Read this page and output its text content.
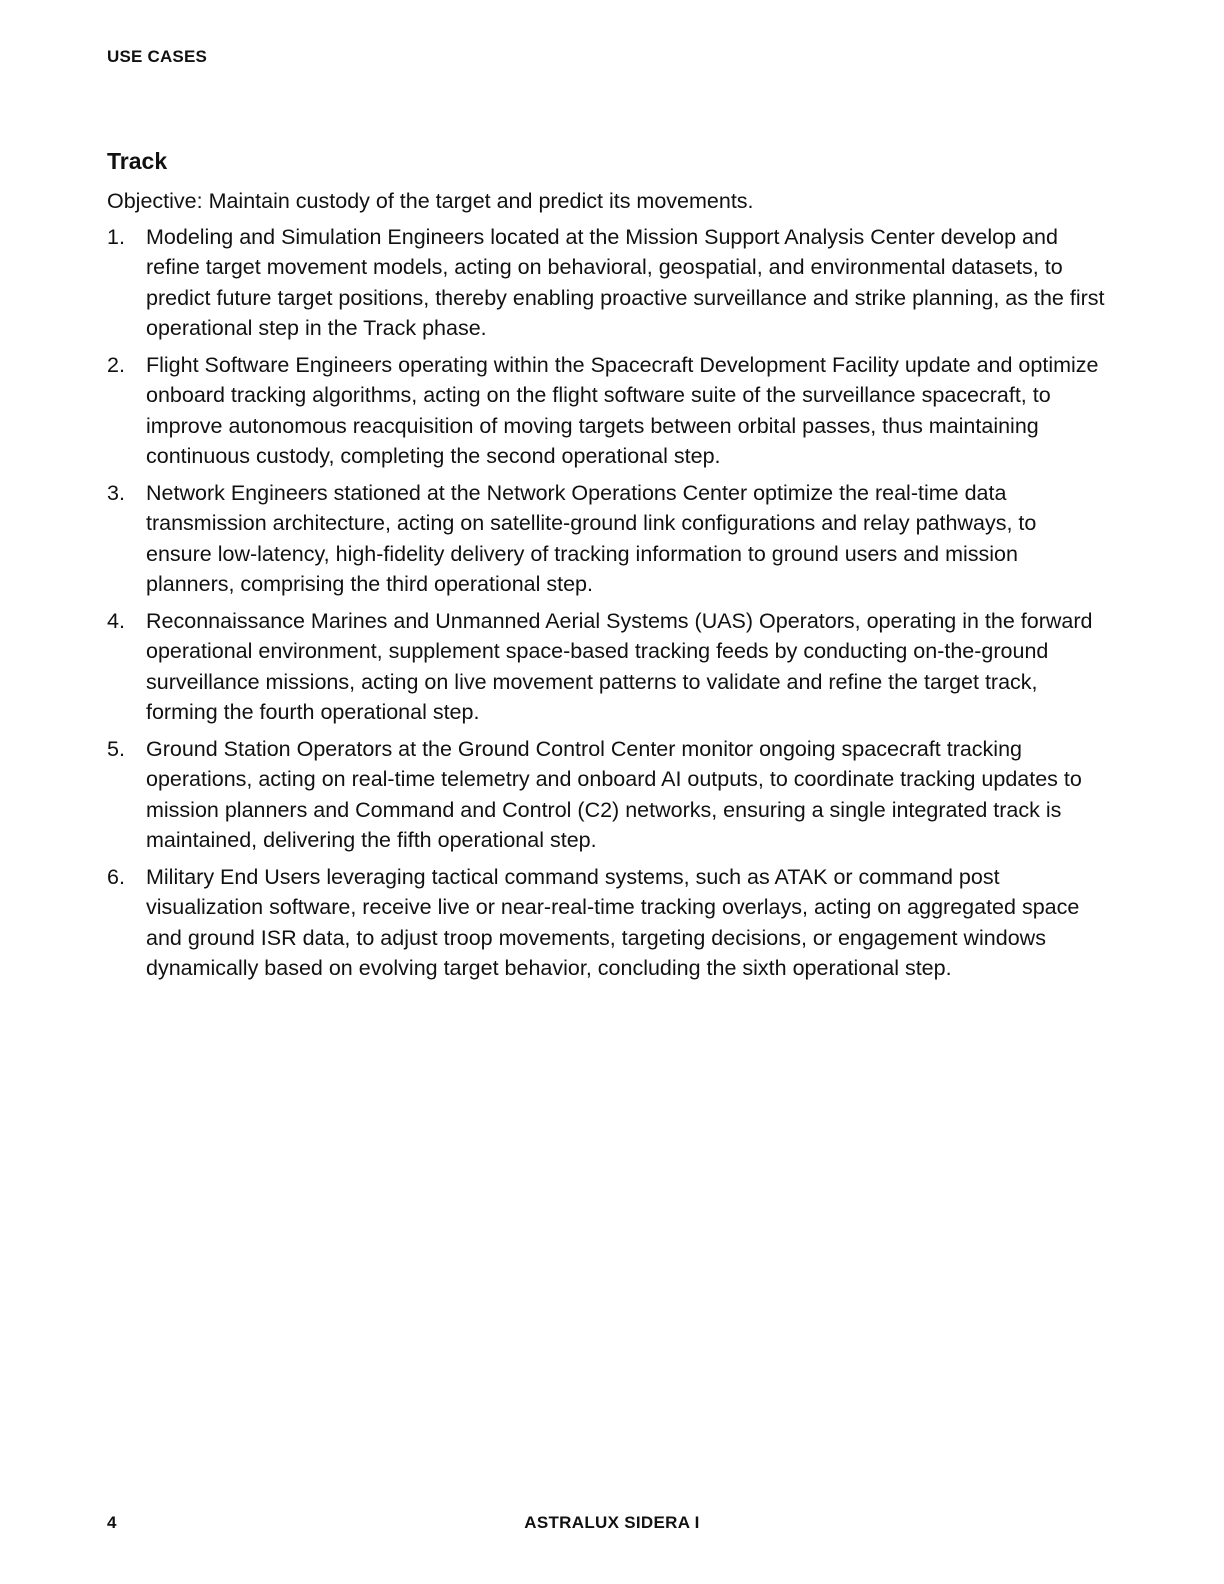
USE CASES
Track

Objective: Maintain custody of the target and predict its movements.

1. Modeling and Simulation Engineers located at the Mission Support Analysis Center develop and refine target movement models, acting on behavioral, geospatial, and environmental datasets, to predict future target positions, thereby enabling proactive surveillance and strike planning, as the first operational step in the Track phase.
2. Flight Software Engineers operating within the Spacecraft Development Facility update and optimize onboard tracking algorithms, acting on the flight software suite of the surveillance spacecraft, to improve autonomous reacquisition of moving targets between orbital passes, thus maintaining continuous custody, completing the second operational step.
3. Network Engineers stationed at the Network Operations Center optimize the real-time data transmission architecture, acting on satellite-ground link configurations and relay pathways, to ensure low-latency, high-fidelity delivery of tracking information to ground users and mission planners, comprising the third operational step.
4. Reconnaissance Marines and Unmanned Aerial Systems (UAS) Operators, operating in the forward operational environment, supplement space-based tracking feeds by conducting on-the-ground surveillance missions, acting on live movement patterns to validate and refine the target track, forming the fourth operational step.
5. Ground Station Operators at the Ground Control Center monitor ongoing spacecraft tracking operations, acting on real-time telemetry and onboard AI outputs, to coordinate tracking updates to mission planners and Command and Control (C2) networks, ensuring a single integrated track is maintained, delivering the fifth operational step.
6. Military End Users leveraging tactical command systems, such as ATAK or command post visualization software, receive live or near-real-time tracking overlays, acting on aggregated space and ground ISR data, to adjust troop movements, targeting decisions, or engagement windows dynamically based on evolving target behavior, concluding the sixth operational step.
4	ASTRALUX SIDERA I
